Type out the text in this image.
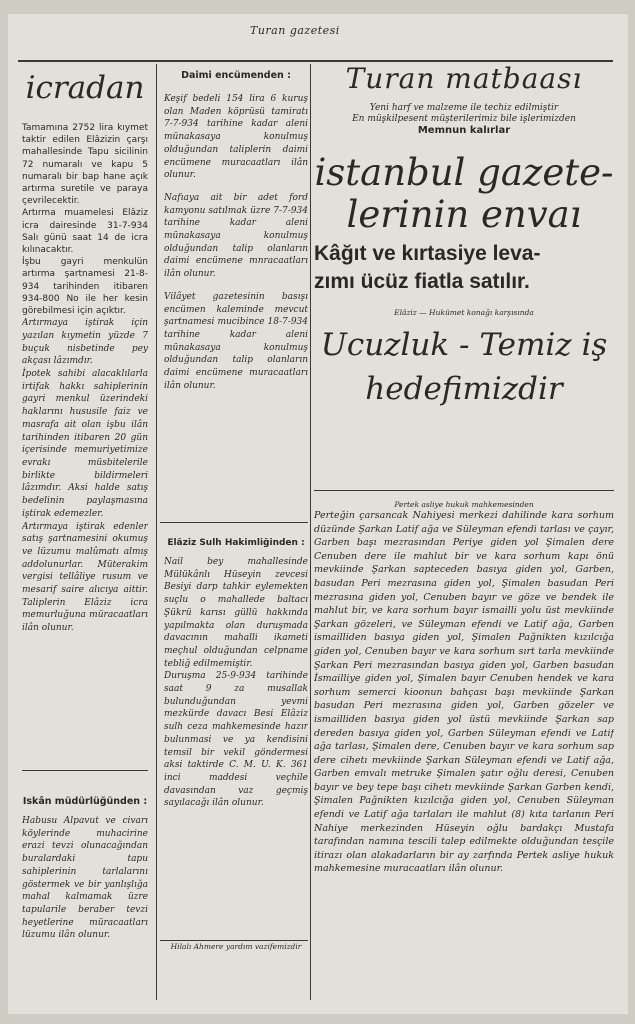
Turan gazetesi
icradan

Tamamına 2752 lira kıymet taktir edilen Elâzizin çarşı mahallesinde Tapu sicilinin 72 numaralı ve kapu 5 numaralı bir bap hane açık artırma suretile ve paraya çevrilecektir.

Artırma muamelesi Elâziz icra dairesinde 31-7-934 Salı günü saat 14 de icra kılınacaktır.

İşbu gayri menkulün artırma şartnamesi 21-8-934 tarihinden itibaren 934-800 No ile her kesin görebilmesi için açıktır.

Artırmaya iştirak için yazılan kıymetin yüzde 7 buçuk nisbetinde pey akçası lâzımdır.

İpotek sahibi alacaklılarla irtifak hakkı sahiplerinin gayri menkul üzerindeki haklarını hususile faiz ve masrafa ait olan işbu ilân tarihinden itibaren 20 gün içerisinde memuriyetimize evrakı müsbitelerile birlikte bildirmeleri lâzımdır. Aksi halde satış bedelinin paylaşmasına iştirak edemezler.

Artırmaya iştirak edenler satış şartnamesini okumuş ve lüzumu malûmatı almış addolunurlar. Müterakim vergisi tellâliye rusum ve mesarif saire alıcıya aittir. Taliplerin Elâziz icra memurluğuna müracaatları ilân olunur.

İskân müdürlüğünden :

Habusu Alpavut ve civarı köylerinde muhacirine erazi tevzi olunacağından buralardaki tapu sahiplerinin tarlalarını göstermek ve bir yanlışlığa mahal kalmamak üzre tapularile beraber tevzi heyetlerine müracaatları lüzumu ilân olunur.

Daimi encümenden :

Keşif bedeli 154 lira 6 kuruş olan Maden köprüsü tamiratı 7-7-934 tarihine kadar aleni münakasaya konulmuş olduğundan taliplerin daimi encümene muracaatları ilân olunur.

Nafıaya ait bir adet ford kamyonu satılmak üzre 7-7-934 tarihine kadar aleni münakasaya konulmuş olduğundan talip olanların daimi encümene mnracaatları ilân olunur.

Vilâyet gazetesinin basışı encümen kaleminde mevcut şartnamesi mucibince 18-7-934 tarihine kadar aleni münakasaya konulmuş olduğundan talip olanların daimi encümene muracaatları ilân olunur.

Elâziz Sulh Hakimliğinden :

Nail bey mahallesinde Mülükânlı Hüseyin zevcesi Besiyi darp tahkir eylemekten suçlu o mahallede baltacı Şükrü karısı güllü hakkında yapılmakta olan duruşmada davacının mahalli ikameti meçhul olduğundan celpname tebliğ edilmemiştir.

Duruşma 25-9-934 tarihinde saat 9 za musallak bulunduğundan yevmi mezkürde davacı Besi Elâziz sulh ceza mahkemesinde hazır bulunmasi ve ya kendisini temsil bir vekil göndermesi aksi taktirde C. M. U. K. 361 inci maddesi veçhile davasından vaz geçmiş sayılacağı ilân olunur.

Hilalı Ahmere yardım vazifemizdir

Turan matbaası

Yeni harf ve malzeme ile techiz edilmiştir

En müşkilpesent müşterilerimiz bile işlerimizden

Memnun kalırlar

istanbul gazete-
lerinin envaı
Kâğıt ve kırtasiye leva-
zımı ücüz fiatla satılır.
Elâziz — Hukümet konağı karşısında
Ucuzluk - Temiz iş
hedefimizdir
Pertek asliye hukuk mahkemesinden

Perteğin çarsancak Nahiyesi merkezi dahilinde kara sorhum düzünde Şarkan Latif ağa ve Süleyman efendi tarlası ve çayır, Garben başı mezrasından Periye giden yol Şimalen dere Cenuben dere ile mahlut bir ve kara sorhum kapı önü mevkiinde Şarkan sapteceden basıya giden yol, Garben, basudan Peri mezrasına giden yol, Şimalen basudan Peri mezrasına giden yol, Cenuben bayır ve göze ve bendek ile mahlut bir, ve kara sorhum bayır ismailli yolu üst mevkiinde Şarkan gözeleri, ve Süleyman efendi ve Latif ağa, Garben ismailliden basıya giden yol, Şimalen Pağnikten kızılcığa giden yol, Cenuben bayır ve kara sorhum sırt tarla mevkiinde Şarkan Peri mezrasından basıya giden yol, Garben basudan İsmailliye giden yol, Şimalen bayır Cenuben hendek ve kara sorhum semerci kioonun bahçası başı mevkiinde Şarkan basudan Peri mezrasına giden yol, Garben gözeler ve ismailliden basıya giden yol üstü mevkiinde Şarkan sap dereden basıya giden yol, Garben Süleyman efendi ve Latif ağa tarlası, Şimalen dere, Cenuben bayır ve kara sorhum sap dere cihetı mevkiinde Şarkan Süleyman efendi ve Latif ağa, Garben emvalı metruke Şimalen şatır oğlu deresi, Cenuben bayır ve bey tepe başı cihetı mevkiinde Şarkan Garben kendi, Şimalen Pağnikten kızılcığa giden yol, Cenuben Süleyman efendi ve Latif ağa tarlaları ile mahlut (8) kıta tarlanın Peri Nahiye merkezinden Hüseyin oğlu bardakçı Mustafa tarafından namına tescili talep edilmekte olduğundan tesçile itirazı olan alakadarların bir ay zarfında Pertek asliye hukuk mahkemesine muracaatları ilân olunur.
